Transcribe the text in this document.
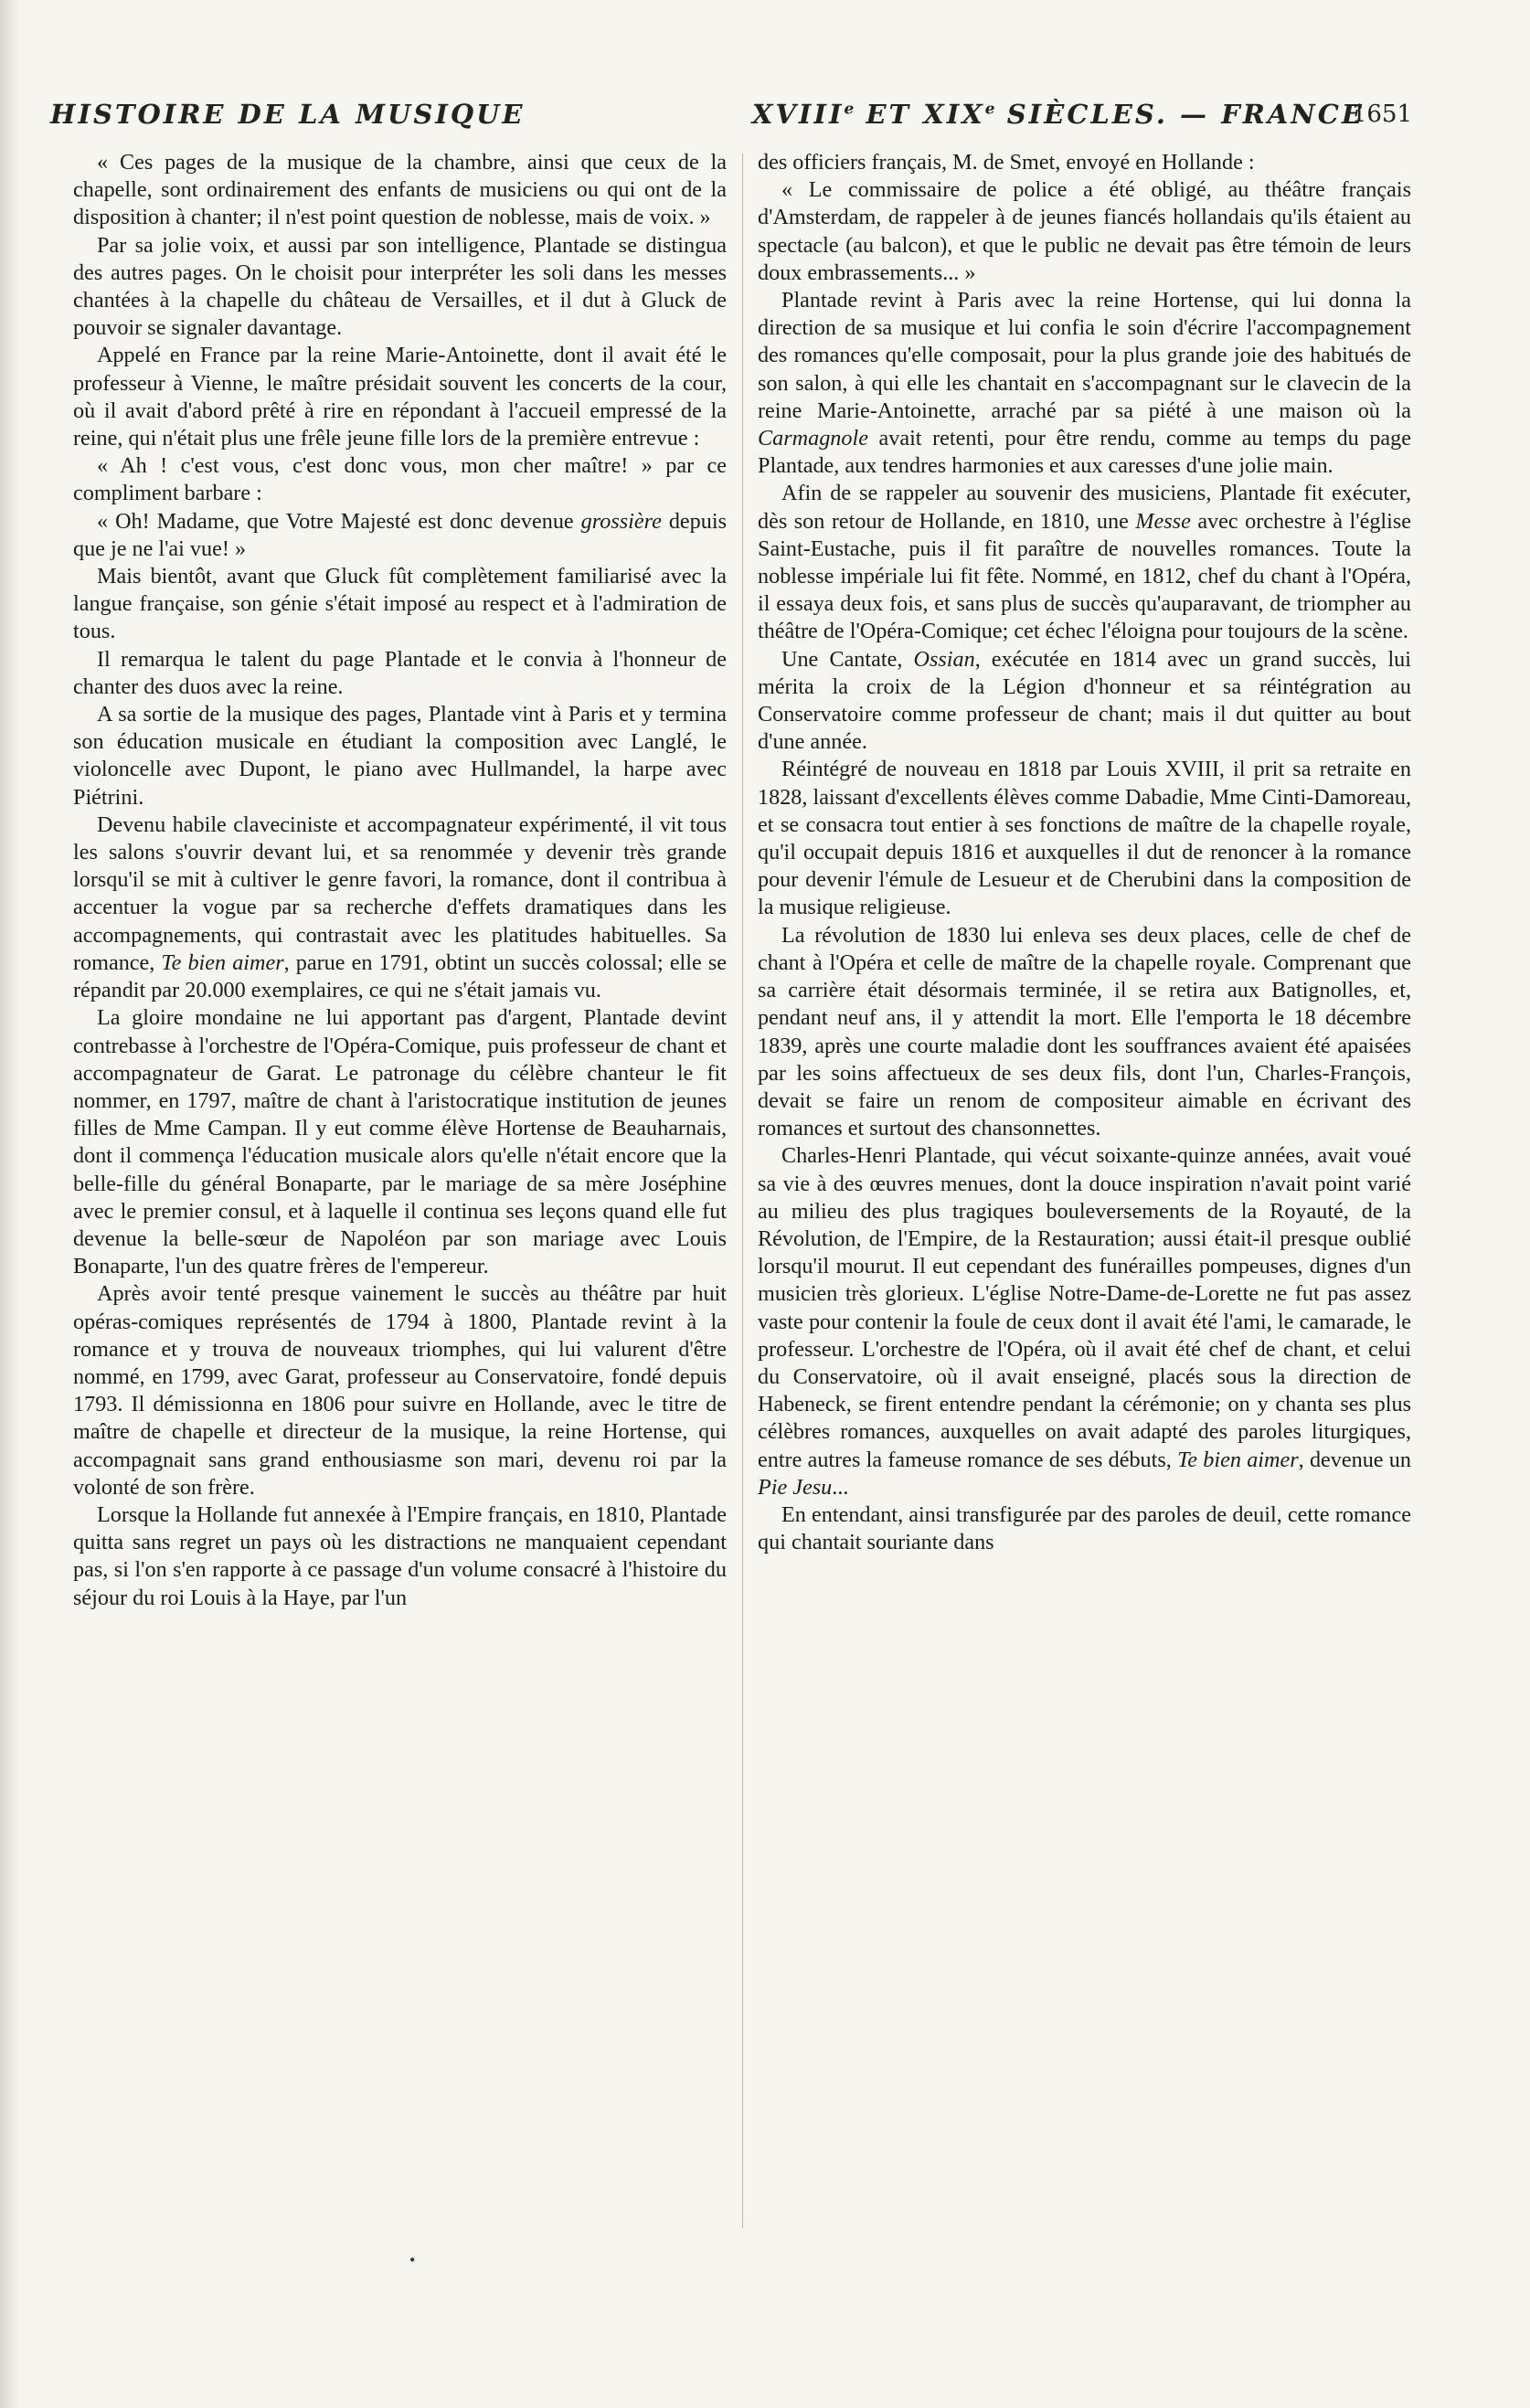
HISTOIRE DE LA MUSIQUE	XVIIIe ET XIXe SIÈCLES. — FRANCE
1651

« Ces pages de la musique de la chambre, ainsi que ceux de la chapelle, sont ordinairement des enfants de musiciens ou qui ont de la disposition à chanter; il n'est point question de noblesse, mais de voix. »

Par sa jolie voix, et aussi par son intelligence, Plantade se distingua des autres pages. On le choisit pour interpréter les soli dans les messes chantées à la chapelle du château de Versailles, et il dut à Gluck de pouvoir se signaler davantage.

Appelé en France par la reine Marie-Antoinette, dont il avait été le professeur à Vienne, le maître présidait souvent les concerts de la cour, où il avait d'abord prêté à rire en répondant à l'accueil empressé de la reine, qui n'était plus une frêle jeune fille lors de la première entrevue :

« Ah ! c'est vous, c'est donc vous, mon cher maître! » par ce compliment barbare :

« Oh! Madame, que Votre Majesté est donc devenue grossière depuis que je ne l'ai vue! »

Mais bientôt, avant que Gluck fût complètement familiarisé avec la langue française, son génie s'était imposé au respect et à l'admiration de tous.

Il remarqua le talent du page Plantade et le convia à l'honneur de chanter des duos avec la reine.

A sa sortie de la musique des pages, Plantade vint à Paris et y termina son éducation musicale en étudiant la composition avec Langlé, le violoncelle avec Dupont, le piano avec Hullmandel, la harpe avec Piétrini.

Devenu habile claveciniste et accompagnateur expérimenté, il vit tous les salons s'ouvrir devant lui, et sa renommée y devenir très grande lorsqu'il se mit à cultiver le genre favori, la romance, dont il contribua à accentuer la vogue par sa recherche d'effets dramatiques dans les accompagnements, qui contrastait avec les platitudes habituelles. Sa romance, Te bien aimer, parue en 1791, obtint un succès colossal; elle se répandit par 20.000 exemplaires, ce qui ne s'était jamais vu.

La gloire mondaine ne lui apportant pas d'argent, Plantade devint contrebasse à l'orchestre de l'Opéra-Comique, puis professeur de chant et accompagnateur de Garat. Le patronage du célèbre chanteur le fit nommer, en 1797, maître de chant à l'aristocratique institution de jeunes filles de Mme Campan. Il y eut comme élève Hortense de Beauharnais, dont il commença l'éducation musicale alors qu'elle n'était encore que la belle-fille du général Bonaparte, par le mariage de sa mère Joséphine avec le premier consul, et à laquelle il continua ses leçons quand elle fut devenue la belle-sœur de Napoléon par son mariage avec Louis Bonaparte, l'un des quatre frères de l'empereur.

Après avoir tenté presque vainement le succès au théâtre par huit opéras-comiques représentés de 1794 à 1800, Plantade revint à la romance et y trouva de nouveaux triomphes, qui lui valurent d'être nommé, en 1799, avec Garat, professeur au Conservatoire, fondé depuis 1793. Il démissionna en 1806 pour suivre en Hollande, avec le titre de maître de chapelle et directeur de la musique, la reine Hortense, qui accompagnait sans grand enthousiasme son mari, devenu roi par la volonté de son frère.

Lorsque la Hollande fut annexée à l'Empire français, en 1810, Plantade quitta sans regret un pays où les distractions ne manquaient cependant pas, si l'on s'en rapporte à ce passage d'un volume consacré à l'histoire du séjour du roi Louis à la Haye, par l'un

des officiers français, M. de Smet, envoyé en Hollande :

« Le commissaire de police a été obligé, au théâtre français d'Amsterdam, de rappeler à de jeunes fiancés hollandais qu'ils étaient au spectacle (au balcon), et que le public ne devait pas être témoin de leurs doux embrassements... »

Plantade revint à Paris avec la reine Hortense, qui lui donna la direction de sa musique et lui confia le soin d'écrire l'accompagnement des romances qu'elle composait, pour la plus grande joie des habitués de son salon, à qui elle les chantait en s'accompagnant sur le clavecin de la reine Marie-Antoinette, arraché par sa piété à une maison où la Carmagnole avait retenti, pour être rendu, comme au temps du page Plantade, aux tendres harmonies et aux caresses d'une jolie main.

Afin de se rappeler au souvenir des musiciens, Plantade fit exécuter, dès son retour de Hollande, en 1810, une Messe avec orchestre à l'église Saint-Eustache, puis il fit paraître de nouvelles romances. Toute la noblesse impériale lui fit fête. Nommé, en 1812, chef du chant à l'Opéra, il essaya deux fois, et sans plus de succès qu'auparavant, de triompher au théâtre de l'Opéra-Comique; cet échec l'éloigna pour toujours de la scène.

Une Cantate, Ossian, exécutée en 1814 avec un grand succès, lui mérita la croix de la Légion d'honneur et sa réintégration au Conservatoire comme professeur de chant; mais il dut quitter au bout d'une année.

Réintégré de nouveau en 1818 par Louis XVIII, il prit sa retraite en 1828, laissant d'excellents élèves comme Dabadie, Mme Cinti-Damoreau, et se consacra tout entier à ses fonctions de maître de la chapelle royale, qu'il occupait depuis 1816 et auxquelles il dut de renoncer à la romance pour devenir l'émule de Lesueur et de Cherubini dans la composition de la musique religieuse.

La révolution de 1830 lui enleva ses deux places, celle de chef de chant à l'Opéra et celle de maître de la chapelle royale. Comprenant que sa carrière était désormais terminée, il se retira aux Batignolles, et, pendant neuf ans, il y attendit la mort. Elle l'emporta le 18 décembre 1839, après une courte maladie dont les souffrances avaient été apaisées par les soins affectueux de ses deux fils, dont l'un, Charles-François, devait se faire un renom de compositeur aimable en écrivant des romances et surtout des chansonnettes.

Charles-Henri Plantade, qui vécut soixante-quinze années, avait voué sa vie à des œuvres menues, dont la douce inspiration n'avait point varié au milieu des plus tragiques bouleversements de la Royauté, de la Révolution, de l'Empire, de la Restauration; aussi était-il presque oublié lorsqu'il mourut. Il eut cependant des funérailles pompeuses, dignes d'un musicien très glorieux. L'église Notre-Dame-de-Lorette ne fut pas assez vaste pour contenir la foule de ceux dont il avait été l'ami, le camarade, le professeur. L'orchestre de l'Opéra, où il avait été chef de chant, et celui du Conservatoire, où il avait enseigné, placés sous la direction de Habeneck, se firent entendre pendant la cérémonie; on y chanta ses plus célèbres romances, auxquelles on avait adapté des paroles liturgiques, entre autres la fameuse romance de ses débuts, Te bien aimer, devenue un Pie Jesu...

En entendant, ainsi transfigurée par des paroles de deuil, cette romance qui chantait souriante dans

•
